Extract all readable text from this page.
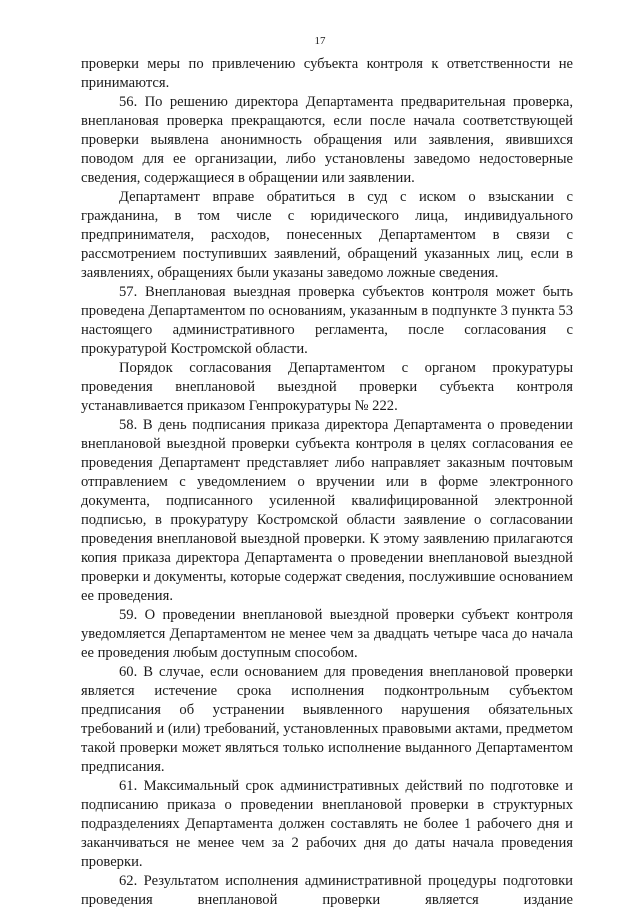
17

проверки меры по привлечению субъекта контроля к ответственности не принимаются.

56. По решению директора Департамента предварительная проверка, внеплановая проверка прекращаются, если после начала соответствующей проверки выявлена анонимность обращения или заявления, явившихся поводом для ее организации, либо установлены заведомо недостоверные сведения, содержащиеся в обращении или заявлении.

Департамент вправе обратиться в суд с иском о взыскании с гражданина, в том числе с юридического лица, индивидуального предпринимателя, расходов, понесенных Департаментом в связи с рассмотрением поступивших заявлений, обращений указанных лиц, если в заявлениях, обращениях были указаны заведомо ложные сведения.

57. Внеплановая выездная проверка субъектов контроля может быть проведена Департаментом по основаниям, указанным в подпункте 3 пункта 53 настоящего административного регламента, после согласования с прокуратурой Костромской области.

Порядок согласования Департаментом с органом прокуратуры проведения внеплановой выездной проверки субъекта контроля устанавливается приказом Генпрокуратуры № 222.

58. В день подписания приказа директора Департамента о проведении внеплановой выездной проверки субъекта контроля в целях согласования ее проведения Департамент представляет либо направляет заказным почтовым отправлением с уведомлением о вручении или в форме электронного документа, подписанного усиленной квалифицированной электронной подписью, в прокуратуру Костромской области заявление о согласовании проведения внеплановой выездной проверки. К этому заявлению прилагаются копия приказа директора Департамента о проведении внеплановой выездной проверки и документы, которые содержат сведения, послужившие основанием ее проведения.

59. О проведении внеплановой выездной проверки субъект контроля уведомляется Департаментом не менее чем за двадцать четыре часа до начала ее проведения любым доступным способом.

60. В случае, если основанием для проведения внеплановой проверки является истечение срока исполнения подконтрольным субъектом предписания об устранении выявленного нарушения обязательных требований и (или) требований, установленных правовыми актами, предметом такой проверки может являться только исполнение выданного Департаментом предписания.

61. Максимальный срок административных действий по подготовке и подписанию приказа о проведении внеплановой проверки в структурных подразделениях Департамента должен составлять не более 1 рабочего дня и заканчиваться не менее чем за 2 рабочих дня до даты начала проведения проверки.

62. Результатом исполнения административной процедуры подготовки проведения внеплановой проверки является издание
